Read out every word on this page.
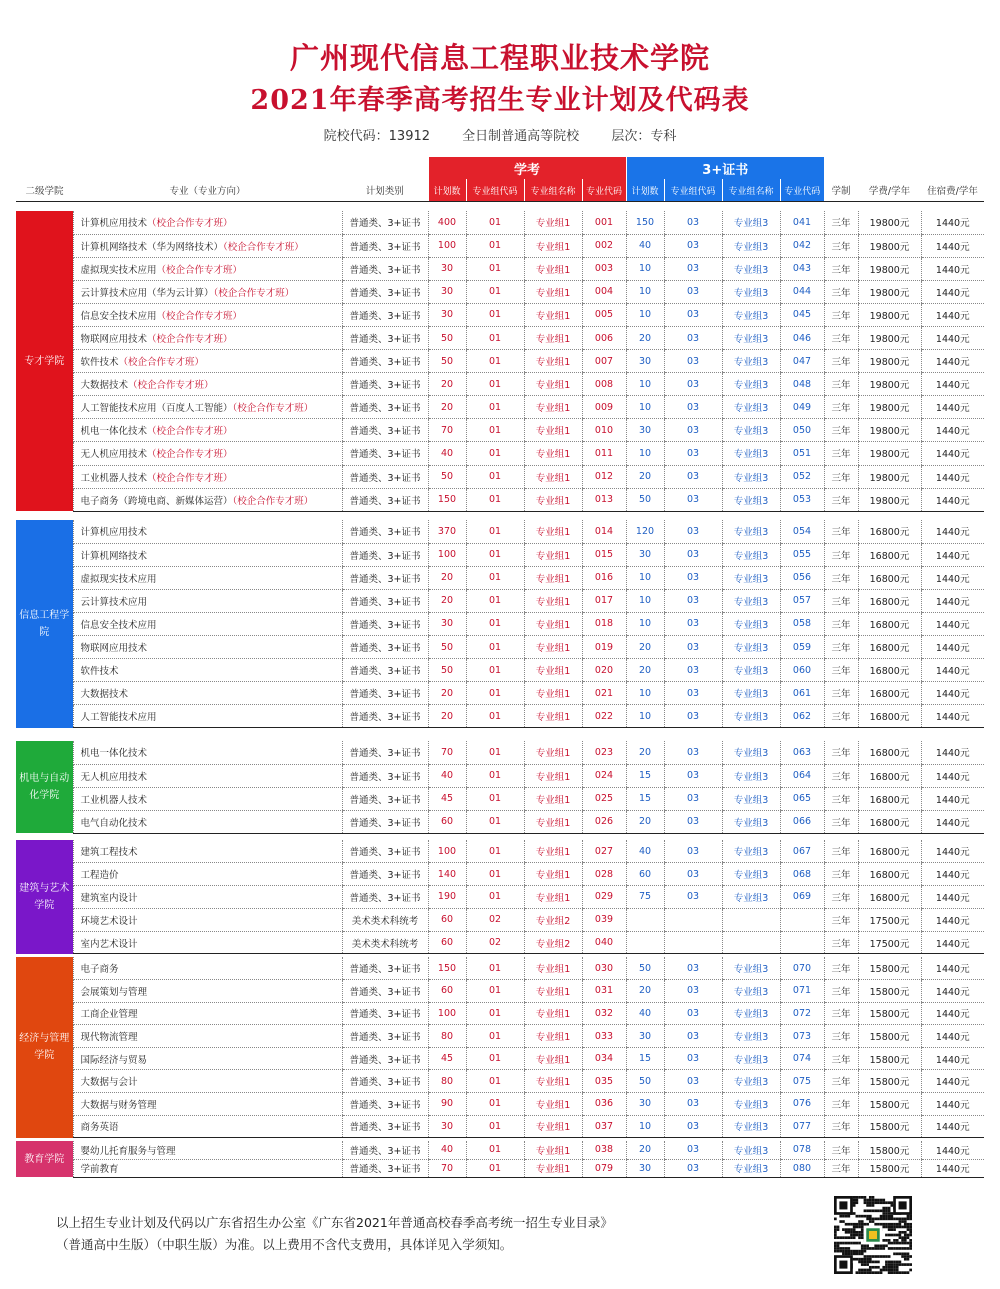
广州现代信息工程职业技术学院
2021年春季高考招生专业计划及代码表
院校代码：13912 全日制普通高等院校 层次：专科
			学考				3+证书						
二级学院	专业（专业方向）	计划类别	计划数	专业组代码	专业组名称	专业代码	计划数	专业组代码	专业组名称	专业代码	学制	学费/学年	住宿费/学年
专才学院	计算机应用技术（校企合作专才班）	普通类、3+证书	400	01	专业组1	001	150	03	专业组3	041	三年	19800元	1440元
	计算机网络技术（华为网络技术）（校企合作专才班）	普通类、3+证书	100	01	专业组1	002	40	03	专业组3	042	三年	19800元	1440元
	虚拟现实技术应用（校企合作专才班）	普通类、3+证书	30	01	专业组1	003	10	03	专业组3	043	三年	19800元	1440元
	云计算技术应用（华为云计算）（校企合作专才班）	普通类、3+证书	30	01	专业组1	004	10	03	专业组3	044	三年	19800元	1440元
	信息安全技术应用（校企合作专才班）	普通类、3+证书	30	01	专业组1	005	10	03	专业组3	045	三年	19800元	1440元
	物联网应用技术（校企合作专才班）	普通类、3+证书	50	01	专业组1	006	20	03	专业组3	046	三年	19800元	1440元
	软件技术（校企合作专才班）	普通类、3+证书	50	01	专业组1	007	30	03	专业组3	047	三年	19800元	1440元
	大数据技术（校企合作专才班）	普通类、3+证书	20	01	专业组1	008	10	03	专业组3	048	三年	19800元	1440元
	人工智能技术应用（百度人工智能）（校企合作专才班）	普通类、3+证书	20	01	专业组1	009	10	03	专业组3	049	三年	19800元	1440元
	机电一体化技术（校企合作专才班）	普通类、3+证书	70	01	专业组1	010	30	03	专业组3	050	三年	19800元	1440元
	无人机应用技术（校企合作专才班）	普通类、3+证书	40	01	专业组1	011	10	03	专业组3	051	三年	19800元	1440元
	工业机器人技术（校企合作专才班）	普通类、3+证书	50	01	专业组1	012	20	03	专业组3	052	三年	19800元	1440元
	电子商务（跨境电商、新媒体运营）（校企合作专才班）	普通类、3+证书	150	01	专业组1	013	50	03	专业组3	053	三年	19800元	1440元
信息工程学院	计算机应用技术	普通类、3+证书	370	01	专业组1	014	120	03	专业组3	054	三年	16800元	1440元
	计算机网络技术	普通类、3+证书	100	01	专业组1	015	30	03	专业组3	055	三年	16800元	1440元
	虚拟现实技术应用	普通类、3+证书	20	01	专业组1	016	10	03	专业组3	056	三年	16800元	1440元
	云计算技术应用	普通类、3+证书	20	01	专业组1	017	10	03	专业组3	057	三年	16800元	1440元
	信息安全技术应用	普通类、3+证书	30	01	专业组1	018	10	03	专业组3	058	三年	16800元	1440元
	物联网应用技术	普通类、3+证书	50	01	专业组1	019	20	03	专业组3	059	三年	16800元	1440元
	软件技术	普通类、3+证书	50	01	专业组1	020	20	03	专业组3	060	三年	16800元	1440元
	大数据技术	普通类、3+证书	20	01	专业组1	021	10	03	专业组3	061	三年	16800元	1440元
	人工智能技术应用	普通类、3+证书	20	01	专业组1	022	10	03	专业组3	062	三年	16800元	1440元
机电与自动化学院	机电一体化技术	普通类、3+证书	70	01	专业组1	023	20	03	专业组3	063	三年	16800元	1440元
	无人机应用技术	普通类、3+证书	40	01	专业组1	024	15	03	专业组3	064	三年	16800元	1440元
	工业机器人技术	普通类、3+证书	45	01	专业组1	025	15	03	专业组3	065	三年	16800元	1440元
	电气自动化技术	普通类、3+证书	60	01	专业组1	026	20	03	专业组3	066	三年	16800元	1440元
建筑与艺术学院	建筑工程技术	普通类、3+证书	100	01	专业组1	027	40	03	专业组3	067	三年	16800元	1440元
	工程造价	普通类、3+证书	140	01	专业组1	028	60	03	专业组3	068	三年	16800元	1440元
	建筑室内设计	普通类、3+证书	190	01	专业组1	029	75	03	专业组3	069	三年	16800元	1440元
	环境艺术设计	美术类术科统考	60	02	专业组2	039					三年	17500元	1440元
	室内艺术设计	美术类术科统考	60	02	专业组2	040					三年	17500元	1440元
经济与管理学院	电子商务	普通类、3+证书	150	01	专业组1	030	50	03	专业组3	070	三年	15800元	1440元
	会展策划与管理	普通类、3+证书	60	01	专业组1	031	20	03	专业组3	071	三年	15800元	1440元
	工商企业管理	普通类、3+证书	100	01	专业组1	032	40	03	专业组3	072	三年	15800元	1440元
	现代物流管理	普通类、3+证书	80	01	专业组1	033	30	03	专业组3	073	三年	15800元	1440元
	国际经济与贸易	普通类、3+证书	45	01	专业组1	034	15	03	专业组3	074	三年	15800元	1440元
	大数据与会计	普通类、3+证书	80	01	专业组1	035	50	03	专业组3	075	三年	15800元	1440元
	大数据与财务管理	普通类、3+证书	90	01	专业组1	036	30	03	专业组3	076	三年	15800元	1440元
	商务英语	普通类、3+证书	30	01	专业组1	037	10	03	专业组3	077	三年	15800元	1440元
教育学院	婴幼儿托育服务与管理	普通类、3+证书	40	01	专业组1	038	20	03	专业组3	078	三年	15800元	1440元
	学前教育	普通类、3+证书	70	01	专业组1	079	30	03	专业组3	080	三年	15800元	1440元
以上招生专业计划及代码以广东省招生办公室《广东省2021年普通高校春季高考统一招生专业目录》
（普通高中生版）（中职生版）为准。以上费用不含代支费用，具体详见入学须知。
